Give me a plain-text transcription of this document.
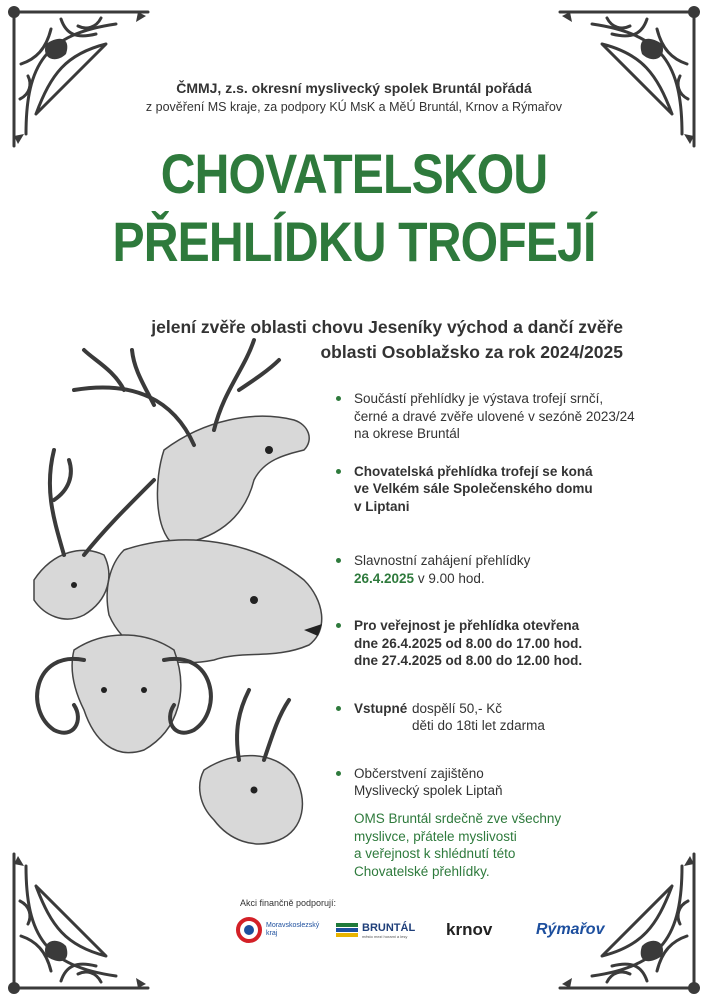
ČMMJ, z.s. okresní myslivecký spolek Bruntál pořádá
z pověření MS kraje, za podpory KÚ MsK a MěÚ Bruntál, Krnov a Rýmařov
CHOVATELSKOU
PŘEHLÍDKU TROFEJÍ
jelení zvěře oblasti chovu Jeseníky východ a dančí zvěře
oblasti Osoblažsko za rok 2024/2025
Součástí přehlídky je výstava trofejí srnčí,
černé a dravé zvěře ulovené v sezóně 2023/24
na okrese Bruntál
Chovatelská přehlídka trofejí se koná
ve Velkém sále Společenského domu
v Liptani
Slavnostní zahájení přehlídky
26.4.2025 v 9.00 hod.
Pro veřejnost je přehlídka otevřena
dne 26.4.2025 od 8.00 do 17.00 hod.
dne 27.4.2025 od 8.00 do 12.00 hod.
Vstupné dospělí 50,- Kč
děti do 18ti let zdarma
Občerstvení zajištěno
Myslivecký spolek Liptaň
OMS Bruntál srdečně zve všechny
myslivce, přátele myslivosti
a veřejnost k shlédnutí této
Chovatelské přehlídky.
Akci finančně podporují:
Moravskoslezský
kraj	BRUNTÁL
město mezi horami a lesy	krnov	Rýmařov
